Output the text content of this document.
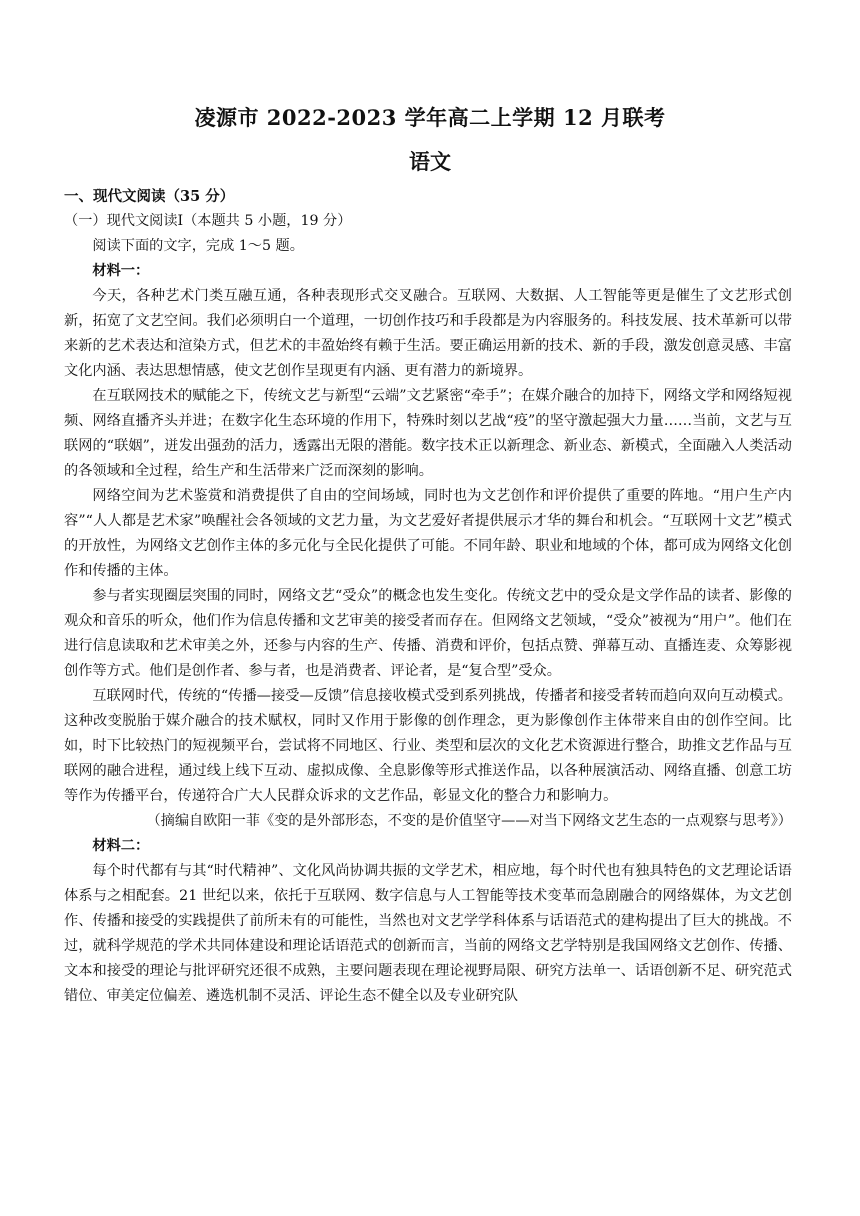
凌源市 2022-2023 学年高二上学期 12 月联考
语文

一、现代文阅读（35 分）

（一）现代文阅读Ⅰ（本题共 5 小题，19 分）

阅读下面的文字，完成 1～5 题。

材料一：

今天，各种艺术门类互融互通，各种表现形式交叉融合。互联网、大数据、人工智能等更是催生了文艺形式创新，拓宽了文艺空间。我们必须明白一个道理，一切创作技巧和手段都是为内容服务的。科技发展、技术革新可以带来新的艺术表达和渲染方式，但艺术的丰盈始终有赖于生活。要正确运用新的技术、新的手段，激发创意灵感、丰富文化内涵、表达思想情感，使文艺创作呈现更有内涵、更有潜力的新境界。

在互联网技术的赋能之下，传统文艺与新型“云端”文艺紧密“牵手”；在媒介融合的加持下，网络文学和网络短视频、网络直播齐头并进；在数字化生态环境的作用下，特殊时刻以艺战“疫”的坚守激起强大力量……当前，文艺与互联网的“联姻”，迸发出强劲的活力，透露出无限的潜能。数字技术正以新理念、新业态、新模式，全面融入人类活动的各领域和全过程，给生产和生活带来广泛而深刻的影响。

网络空间为艺术鉴赏和消费提供了自由的空间场域，同时也为文艺创作和评价提供了重要的阵地。“用户生产内容”“人人都是艺术家”唤醒社会各领域的文艺力量，为文艺爱好者提供展示才华的舞台和机会。“互联网十文艺”模式的开放性，为网络文艺创作主体的多元化与全民化提供了可能。不同年龄、职业和地域的个体，都可成为网络文化创作和传播的主体。

参与者实现圈层突围的同时，网络文艺“受众”的概念也发生变化。传统文艺中的受众是文学作品的读者、影像的观众和音乐的听众，他们作为信息传播和文艺审美的接受者而存在。但网络文艺领域，“受众”被视为“用户”。他们在进行信息读取和艺术审美之外，还参与内容的生产、传播、消费和评价，包括点赞、弹幕互动、直播连麦、众筹影视创作等方式。他们是创作者、参与者，也是消费者、评论者，是“复合型”受众。

互联网时代，传统的“传播—接受—反馈”信息接收模式受到系列挑战，传播者和接受者转而趋向双向互动模式。这种改变脱胎于媒介融合的技术赋权，同时又作用于影像的创作理念，更为影像创作主体带来自由的创作空间。比如，时下比较热门的短视频平台，尝试将不同地区、行业、类型和层次的文化艺术资源进行整合，助推文艺作品与互联网的融合进程，通过线上线下互动、虚拟成像、全息影像等形式推送作品，以各种展演活动、网络直播、创意工坊等作为传播平台，传递符合广大人民群众诉求的文艺作品，彰显文化的整合力和影响力。

（摘编自欧阳一菲《变的是外部形态，不变的是价值坚守——对当下网络文艺生态的一点观察与思考》）

材料二：

每个时代都有与其“时代精神”、文化风尚协调共振的文学艺术，相应地，每个时代也有独具特色的文艺理论话语体系与之相配套。21 世纪以来，依托于互联网、数字信息与人工智能等技术变革而急剧融合的网络媒体，为文艺创作、传播和接受的实践提供了前所未有的可能性，当然也对文艺学学科体系与话语范式的建构提出了巨大的挑战。不过，就科学规范的学术共同体建设和理论话语范式的创新而言，当前的网络文艺学特别是我国网络文艺创作、传播、文本和接受的理论与批评研究还很不成熟，主要问题表现在理论视野局限、研究方法单一、话语创新不足、研究范式错位、审美定位偏差、遴选机制不灵活、评论生态不健全以及专业研究队
